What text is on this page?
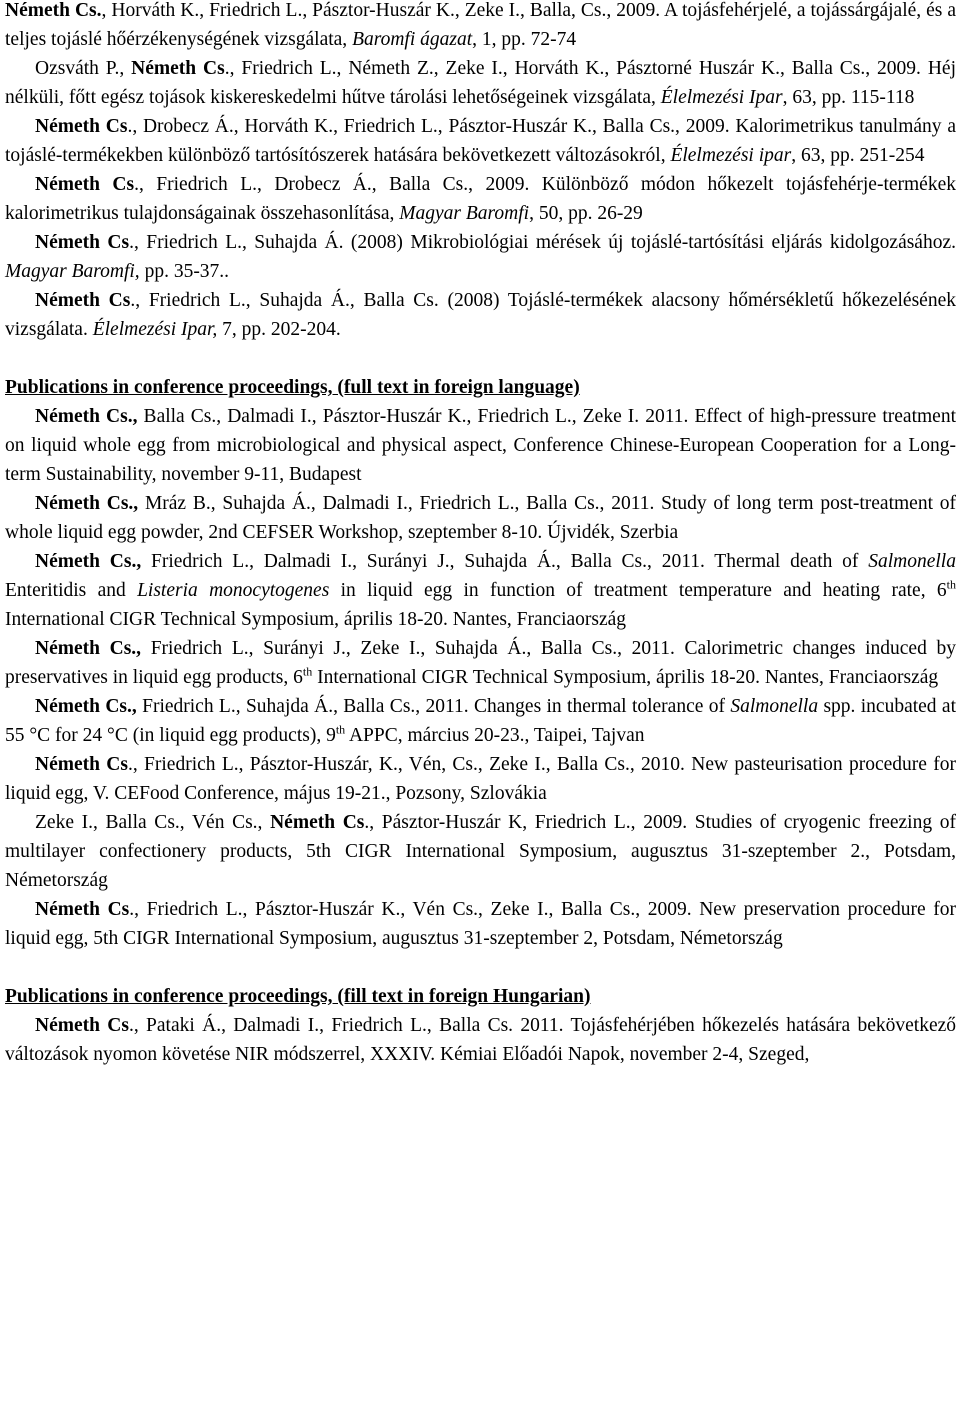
Németh Cs., Horváth K., Friedrich L., Pásztor-Huszár K., Zeke I., Balla, Cs., 2009. A tojásfehérjelé, a tojássárgájalé, és a teljes tojáslé hőérzékenységének vizsgálata, Baromfi ágazat, 1, pp. 72-74

Ozsváth P., Németh Cs., Friedrich L., Németh Z., Zeke I., Horváth K., Pásztorné Huszár K., Balla Cs., 2009. Héj nélküli, főtt egész tojások kiskereskedelmi hűtve tárolási lehetőségeinek vizsgálata, Élelmezési Ipar, 63, pp. 115-118

Németh Cs., Drobecz Á., Horváth K., Friedrich L., Pásztor-Huszár K., Balla Cs., 2009. Kalorimetrikus tanulmány a tojáslé-termékekben különböző tartósítószerek hatására bekövetkezett változásokról, Élelmezési ipar, 63, pp. 251-254

Németh Cs., Friedrich L., Drobecz Á., Balla Cs., 2009. Különböző módon hőkezelt tojásfehérje-termékek kalorimetrikus tulajdonságainak összehasonlítása, Magyar Baromfi, 50, pp. 26-29

Németh Cs., Friedrich L., Suhajda Á. (2008) Mikrobiológiai mérések új tojáslé-tartósítási eljárás kidolgozásához. Magyar Baromfi, pp. 35-37..

Németh Cs., Friedrich L., Suhajda Á., Balla Cs. (2008) Tojáslé-termékek alacsony hőmérsékletű hőkezelésének vizsgálata. Élelmezési Ipar, 7, pp. 202-204.

Publications in conference proceedings, (full text in foreign language)

Németh Cs., Balla Cs., Dalmadi I., Pásztor-Huszár K., Friedrich L., Zeke I. 2011. Effect of high-pressure treatment on liquid whole egg from microbiological and physical aspect, Conference Chinese-European Cooperation for a Long-term Sustainability, november 9-11, Budapest

Németh Cs., Mráz B., Suhajda Á., Dalmadi I., Friedrich L., Balla Cs., 2011. Study of long term post-treatment of whole liquid egg powder, 2nd CEFSER Workshop, szeptember 8-10. Újvidék, Szerbia

Németh Cs., Friedrich L., Dalmadi I., Surányi J., Suhajda Á., Balla Cs., 2011. Thermal death of Salmonella Enteritidis and Listeria monocytogenes in liquid egg in function of treatment temperature and heating rate, 6th International CIGR Technical Symposium, április 18-20. Nantes, Franciaország

Németh Cs., Friedrich L., Surányi J., Zeke I., Suhajda Á., Balla Cs., 2011. Calorimetric changes induced by preservatives in liquid egg products, 6th International CIGR Technical Symposium, április 18-20. Nantes, Franciaország

Németh Cs., Friedrich L., Suhajda Á., Balla Cs., 2011. Changes in thermal tolerance of Salmonella spp. incubated at 55 °C for 24 °C (in liquid egg products), 9th APPC, március 20-23., Taipei, Tajvan

Németh Cs., Friedrich L., Pásztor-Huszár, K., Vén, Cs., Zeke I., Balla Cs., 2010. New pasteurisation procedure for liquid egg, V. CEFood Conference, május 19-21., Pozsony, Szlovákia

Zeke I., Balla Cs., Vén Cs., Németh Cs., Pásztor-Huszár K, Friedrich L., 2009. Studies of cryogenic freezing of multilayer confectionery products, 5th CIGR International Symposium, augusztus 31-szeptember 2., Potsdam, Németország

Németh Cs., Friedrich L., Pásztor-Huszár K., Vén Cs., Zeke I., Balla Cs., 2009. New preservation procedure for liquid egg, 5th CIGR International Symposium, augusztus 31-szeptember 2, Potsdam, Németország

Publications in conference proceedings, (fill text in foreign Hungarian)

Németh Cs., Pataki Á., Dalmadi I., Friedrich L., Balla Cs. 2011. Tojásfehérjében hőkezelés hatására bekövetkező változások nyomon követése NIR módszerrel, XXXIV. Kémiai Előadói Napok, november 2-4, Szeged,
